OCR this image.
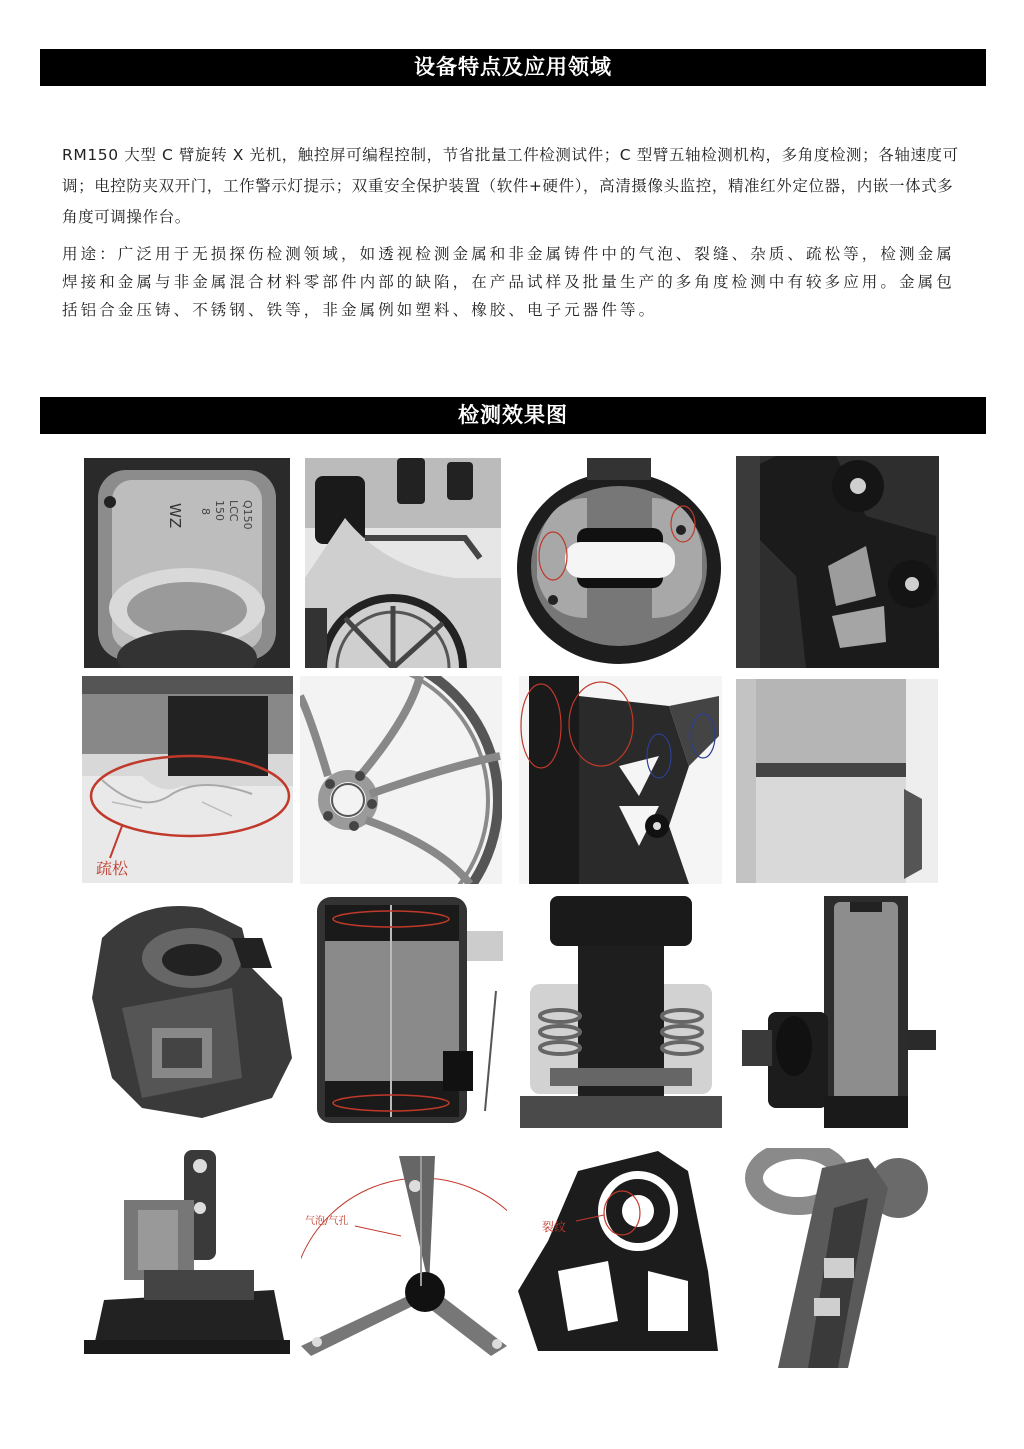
设备特点及应用领域

RM150 大型 C 臂旋转 X 光机，触控屏可编程控制，节省批量工件检测试件；C 型臂五轴检测机构，多角度检测；各轴速度可调；电控防夹双开门，工作警示灯提示；双重安全保护装置（软件+硬件），高清摄像头监控，精准红外定位器，内嵌一体式多角度可调操作台。

用途：广泛用于无损探伤检测领域，如透视检测金属和非金属铸件中的气泡、裂缝、杂质、疏松等，检测金属焊接和金属与非金属混合材料零部件内部的缺陷，在产品试样及批量生产的多角度检测中有较多应用。金属包括铝合金压铸、不锈钢、铁等，非金属例如塑料、橡胶、电子元器件等。

检测效果图
WZ 8 150 LCC Q150
疏松
气泡/气孔	裂纹
